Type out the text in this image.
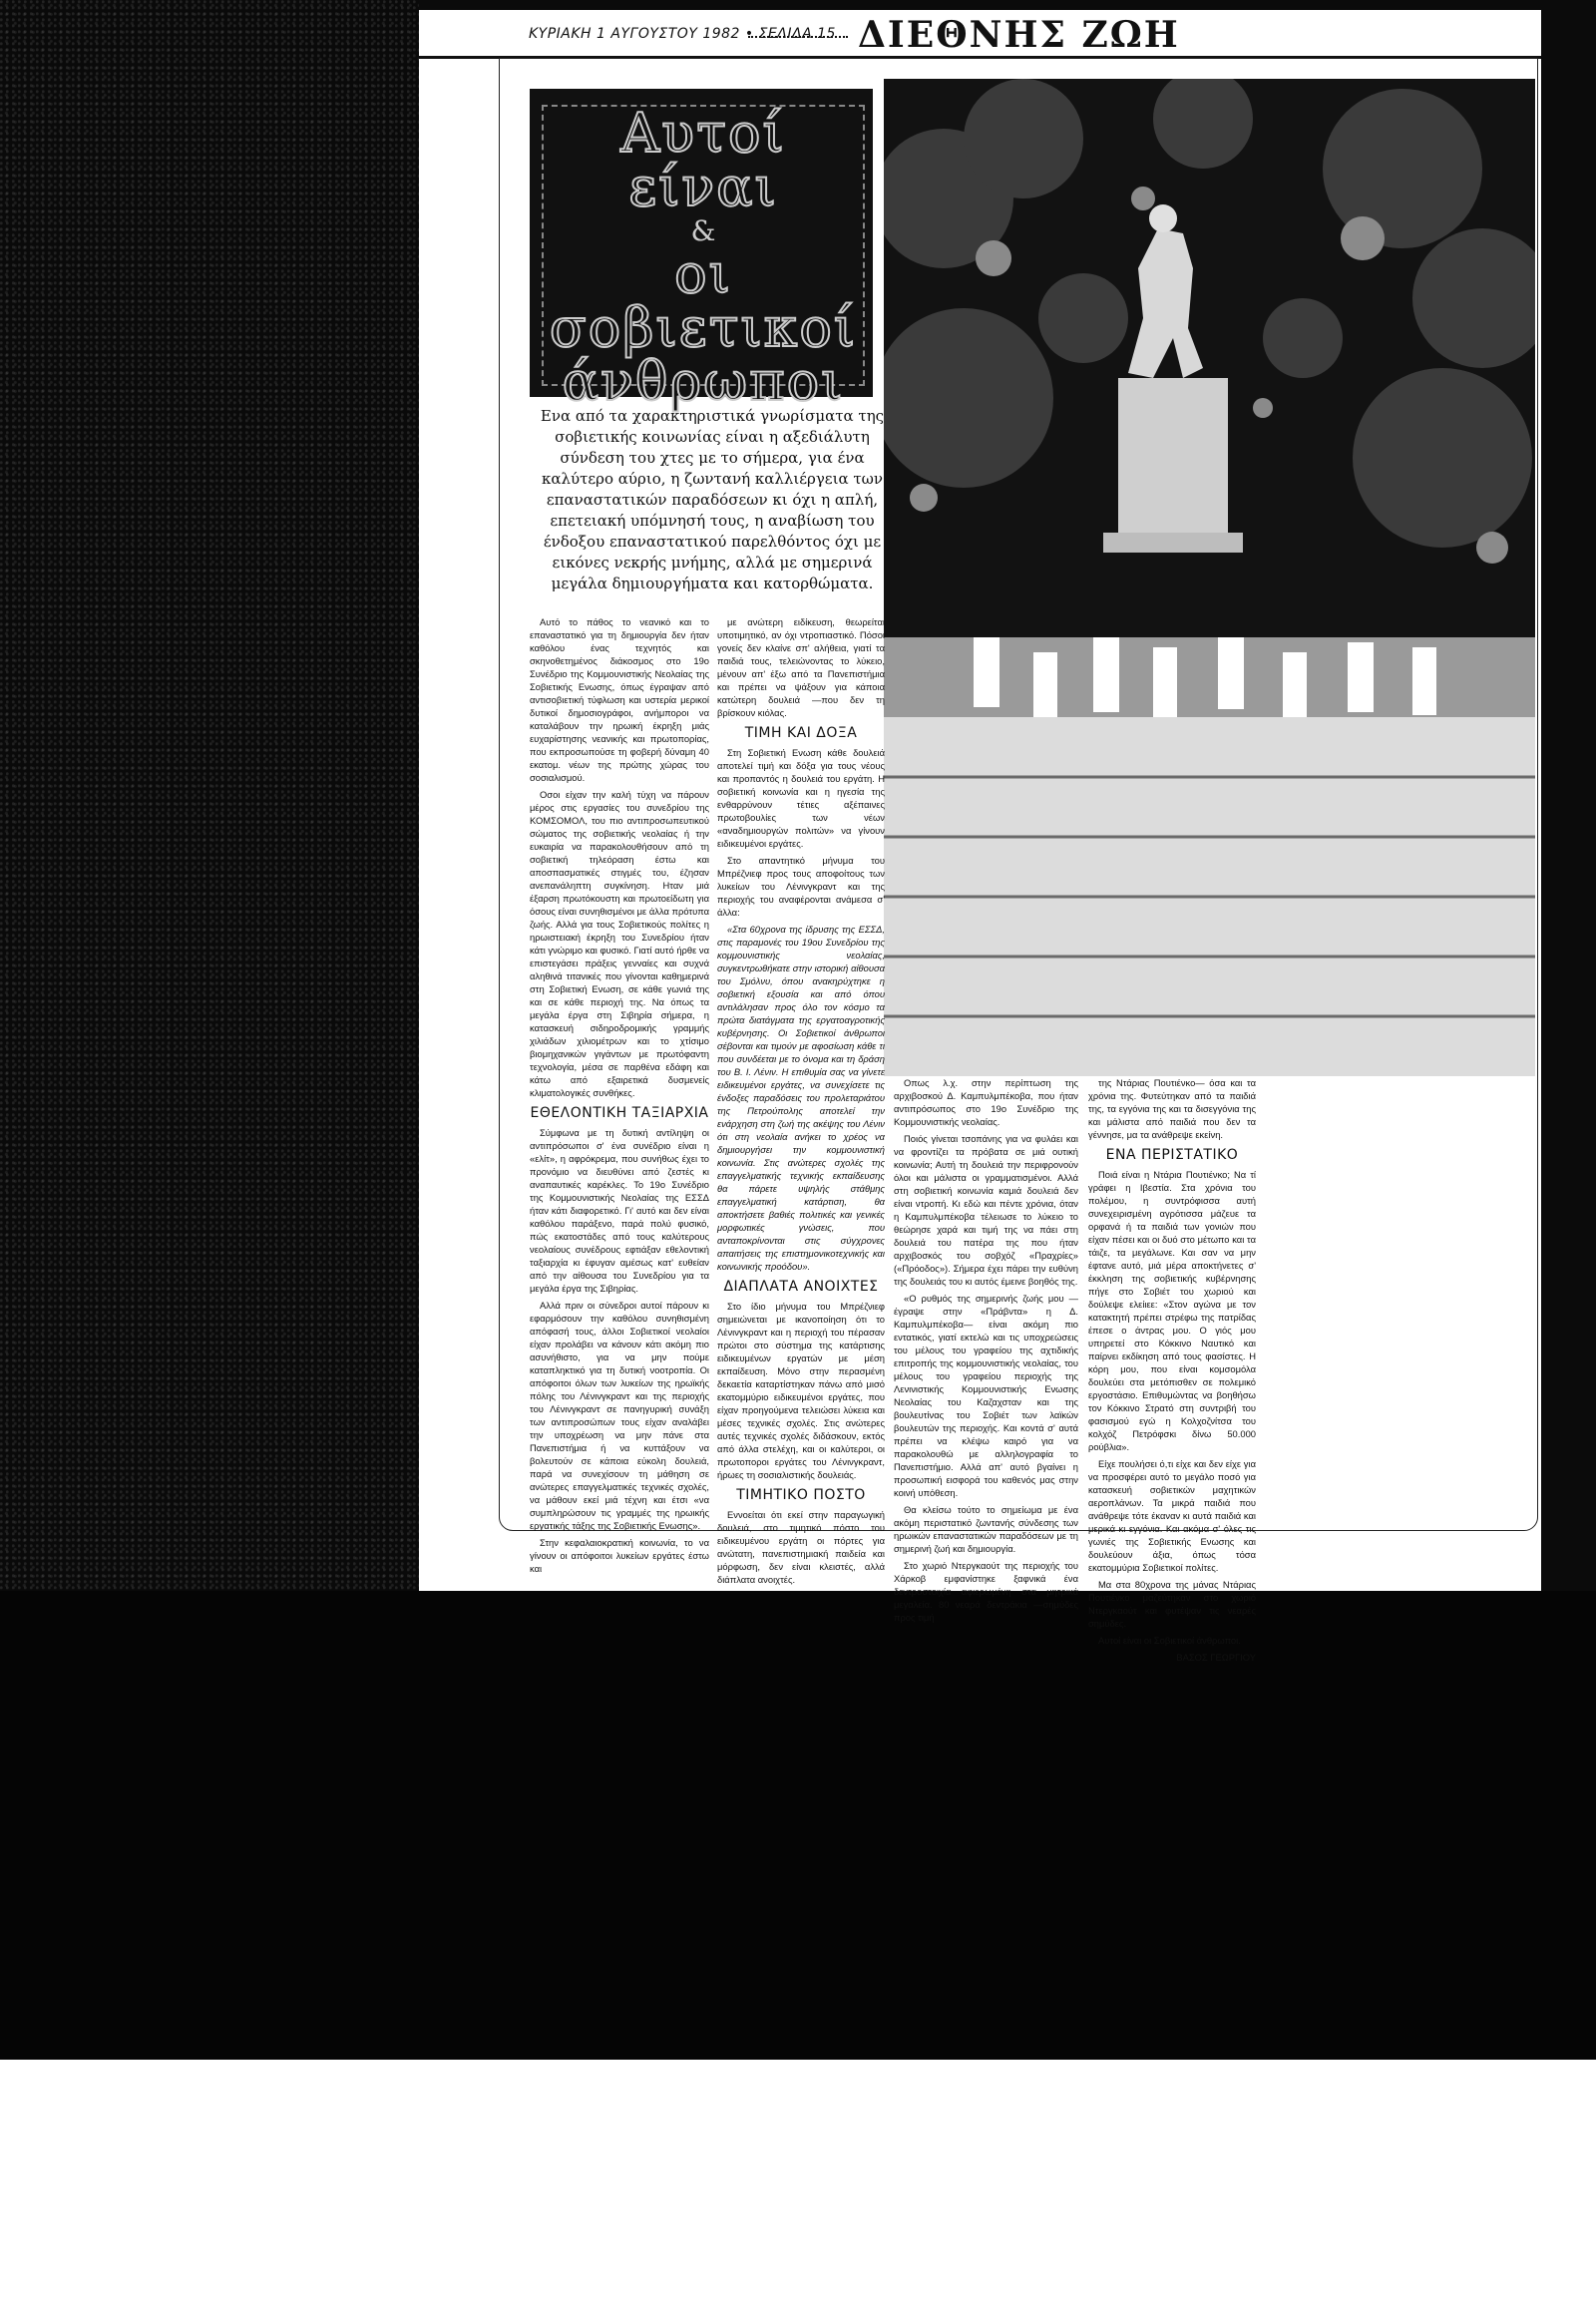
ΚΥΡΙΑΚΗ 1 ΑΥΓΟΥΣΤΟΥ 1982 • ΣΕΛΙΔΑ 15 ΔΙΕΘΝΗΣ ΖΩΗ
Αυτοί είναι
&
οι σοβιετικοί
άνθρωποι
Ενα από τα χαρακτηριστικά γνωρίσματα της σοβιετικής κοινωνίας είναι η αξεδιάλυτη σύνδεση του χτες με το σήμερα, για ένα καλύτερο αύριο, η ζωντανή καλλιέργεια των επαναστατικών παραδόσεων κι όχι η απλή, επετειακή υπόμνησή τους, η αναβίωση του ένδοξου επαναστατικού παρελθόντος όχι με εικόνες νεκρής μνήμης, αλλά με σημερινά μεγάλα δημιουργήματα και κατορθώματα.

Αυτό το πάθος το νεανικό και το επαναστατικό για τη δημιουργία δεν ήταν καθόλου ένας τεχνητός και σκηνοθετημένος διάκοσμος στο 19ο Συνέδριο της Κομμουνιστικής Νεολαίας της Σοβιετικής Ενωσης, όπως έγραψαν από αντισοβιετική τύφλωση και υστερία μερικοί δυτικοί δημοσιογράφοι, ανήμποροι να καταλάβουν την ηρωική έκρηξη μιάς ευχαρίστησης νεανικής και πρωτοπορίας, που εκπροσωπούσε τη φοβερή δύναμη 40 εκατομ. νέων της πρώτης χώρας του σοσιαλισμού.

Οσοι είχαν την καλή τύχη να πάρουν μέρος στις εργασίες του συνεδρίου της ΚΟΜΣΟΜΟΛ, του πιο αντιπροσωπευτικού σώματος της σοβιετικής νεολαίας ή την ευκαιρία να παρακολουθήσουν από τη σοβιετική τηλεόραση έστω και αποσπασματικές στιγμές του, έζησαν ανεπανάληπτη συγκίνηση. Ηταν μιά έξαρση πρωτόκουστη και πρωτοείδωτη για όσους είναι συνηθισμένοι με άλλα πρότυπα ζωής. Αλλά για τους Σοβιετικούς πολίτες η ηρωιστειακή έκρηξη του Συνεδρίου ήταν κάτι γνώριμο και φυσικό. Γιατί αυτό ήρθε να επιστεγάσει πράξεις γενναίες και συχνά αληθινά τιτανικές που γίνονται καθημερινά στη Σοβιετική Ενωση, σε κάθε γωνιά της και σε κάθε περιοχή της. Να όπως τα μεγάλα έργα στη Σιβηρία σήμερα, η κατασκευή σιδηροδρομικής γραμμής χιλιάδων χιλιομέτρων και το χτίσιμο βιομηχανικών γιγάντων με πρωτόφαντη τεχνολογία, μέσα σε παρθένα εδάφη και κάτω από εξαιρετικά δυσμενείς κλιματολογικές συνθήκες.

ΕΘΕΛΟΝΤΙΚΗ ΤΑΞΙΑΡΧΙΑ

Σύμφωνα με τη δυτική αντίληψη οι αντιπρόσωποι σ' ένα συνέδριο είναι η «ελίτ», η αφρόκρεμα, που συνήθως έχει το προνόμιο να διευθύνει από ζεστές κι αναπαυτικές καρέκλες. Το 19ο Συνέδριο της Κομμουνιστικής Νεολαίας της ΕΣΣΔ ήταν κάτι διαφορετικό. Γι' αυτό και δεν είναι καθόλου παράξενο, παρά πολύ φυσικό, πώς εκατοστάδες από τους καλύτερους νεολαίους συνέδρους εφτιάξαν εθελοντική ταξιαρχία κι έφυγαν αμέσως κατ' ευθείαν από την αίθουσα του Συνεδρίου για τα μεγάλα έργα της Σιβηρίας.

Αλλά πριν οι σύνεδροι αυτοί πάρουν κι εφαρμόσουν την καθόλου συνηθισμένη απόφασή τους, άλλοι Σοβιετικοί νεολαίοι είχαν προλάβει να κάνουν κάτι ακόμη πιο ασυνήθιστο, για να μην πούμε καταπληκτικό για τη δυτική νοοτροπία. Οι απόφοιτοι όλων των λυκείων της ηρωϊκής πόλης του Λένινγκραντ και της περιοχής του Λένινγκραντ σε πανηγυρική συνάξη των αντιπροσώπων τους είχαν αναλάβει την υποχρέωση να μην πάνε στα Πανεπιστήμια ή να κυττάξουν να βολευτούν σε κάποια εύκολη δουλειά, παρά να συνεχίσουν τη μάθηση σε ανώτερες επαγγελματικές τεχνικές σχολές, να μάθουν εκεί μιά τέχνη και έτσι «να συμπληρώσουν τις γραμμές της ηρωικής εργατικής τάξης της Σοβιετικής Ενωσης».

Στην κεφαλαιοκρατική κοινωνία, το να γίνουν οι απόφοιτοι λυκείων εργάτες έστω και

με ανώτερη ειδίκευση, θεωρείται υποτιμητικό, αν όχι ντροπιαστικό. Πόσοι γονείς δεν κλαίνε σπ' αλήθεια, γιατί τα παιδιά τους, τελειώνοντας το λύκειο, μένουν απ' έξω από τα Πανεπιστήμια και πρέπει να ψάξουν για κάποια κατώτερη δουλειά —που δεν τη βρίσκουν κιόλας.

ΤΙΜΗ ΚΑΙ ΔΟΞΑ

Στη Σοβιετική Ενωση κάθε δουλειά αποτελεί τιμή και δόξα για τους νέους και προπαντός η δουλειά του εργάτη. Η σοβιετική κοινωνία και η ηγεσία της ενθαρρύνουν τέτιες αξέπαινες πρωτοβουλίες των νέων «αναδημιουργών πολιτών» να γίνουν ειδικευμένοι εργάτες.

Στο απαντητικό μήνυμα του Μπρέζνιεφ προς τους αποφοίτους των λυκείων του Λένινγκραντ και της περιοχής του αναφέρονται ανάμεσα σ' άλλα:

«Στα 60χρονα της ίδρυσης της ΕΣΣΔ, στις παραμονές του 19ου Συνεδρίου της κομμουνιστικής νεολαίας, συγκεντρωθήκατε στην ιστορική αίθουσα του Σμόλνυ, όπου ανακηρύχτηκε η σοβιετική εξουσία και από όπου αντιλάλησαν προς όλο τον κόσμο τα πρώτα διατάγματα της εργατοαγροτικής κυβέρνησης. Οι Σοβιετικοί άνθρωποι σέβονται και τιμούν με αφοσίωση κάθε τι που συνδέεται με το όνομα και τη δράση του Β. Ι. Λένιν. Η επιθυμία σας να γίνετε ειδικευμένοι εργάτες, να συνεχίσετε τις ένδοξες παραδόσεις του προλεταριάτου της Πετρούπολης αποτελεί την ενάρχηση στη ζωή της ακέψης του Λένιν ότι στη νεολαία ανήκει το χρέος να δημιουργήσει την κομμουνιστική κοινωνία. Στις ανώτερες σχολές της επαγγελματικής τεχνικής εκπαίδευσης θα πάρετε υψηλής στάθμης επαγγελματική κατάρτιση, θα αποκτήσετε βαθιές πολιτικές και γενικές μορφωτικές γνώσεις, που ανταποκρίνονται στις σύγχρονες απαιτήσεις της επιστημονικοτεχνικής και κοινωνικής προόδου».

ΔΙΑΠΛΑΤΑ ΑΝΟΙΧΤΕΣ

Στο ίδιο μήνυμα του Μπρέζνιεφ σημειώνεται με ικανοποίηση ότι το Λένινγκραντ και η περιοχή του πέρασαν πρώτοι στο σύστημα της κατάρτισης ειδικευμένων εργατών με μέση εκπαίδευση. Μόνο στην περασμένη δεκαετία καταρτίστηκαν πάνω από μισό εκατομμύριο ειδικευμένοι εργάτες, που είχαν προηγούμενα τελειώσει λύκεια και μέσες τεχνικές σχολές. Στις ανώτερες αυτές τεχνικές σχολές διδάσκουν, εκτός από άλλα στελέχη, και οι καλύτεροι, οι πρωτοποροι εργάτες του Λένινγκραντ, ήρωες τη σοσιαλιστικής δουλειάς.

ΤΙΜΗΤΙΚΟ ΠΟΣΤΟ

Εννοείται ότι εκεί στην παραγωγική δουλειά, στο τιμητικό πόστο του ειδικευμένου εργάτη οι πόρτες για ανώτατη, πανεπιστημιακή παιδεία και μόρφωση, δεν είναι κλειστές, αλλά διάπλατα ανοιχτές.

Οπως λ.χ. στην περίπτωση της αρχιβοσκού Δ. Καμπυλμπέκοβα, που ήταν αντιπρόσωπος στο 19ο Συνέδριο της Κομμουνιστικής νεολαίας.

Ποιός γίνεται τσοπάνης για να φυλάει και να φροντίζει τα πρόβατα σε μιά ουτική κοινωνία; Αυτή τη δουλειά την περιφρονούν όλοι και μάλιστα οι γραμματισμένοι. Αλλά στη σοβιετική κοινωνία καμιά δουλειά δεν είναι ντροπή. Κι εδώ και πέντε χρόνια, όταν η Καμπυλμπέκοβα τέλειωσε το λύκειο το θεώρησε χαρά και τιμή της να πάει στη δουλειά του πατέρα της που ήταν αρχιβοσκός του σοβχόζ «Πραχρίες» («Πρόοδος»). Σήμερα έχει πάρει την ευθύνη της δουλειάς του κι αυτός έμεινε βοηθός της.

«Ο ρυθμός της σημερινής ζωής μου —έγραψε στην «Πράβντα» η Δ. Καμπυλμπέκοβα— είναι ακόμη πιο εντατικός, γιατί εκτελώ και τις υποχρεώσεις του μέλους του γραφείου της αχτιδικής επιτροπής της κομμουνιστικής νεολαίας, του μέλους του γραφείου περιοχής της Λενινιστικής Κομμουνιστικής Ενωσης Νεολαίας του Καζαχσταν και της βουλευτίνας του Σοβιέτ των λαϊκών βουλευτών της περιοχής. Και κοντά σ' αυτά πρέπει να κλέψω καιρό για να παρακολουθώ με αλληλογραφία το Πανεπιστήμιο. Αλλά απ' αυτό βγαίνει η προσωπική εισφορά του καθενός μας στην κοινή υπόθεση.

Θα κλείσω τούτο το σημείωμα με ένα ακόμη περιστατικό ζωντανής σύνδεσης των ηρωικών επαναστατικών παραδόσεων με τη σημερινή ζωή και δημιουργία.

Στο χωριό Ντεργκαούτ της περιοχής του Χάρκοβ εμφανίστηκε ξαφνικά ένα δεντροστοιχία αφιερωμένη στα μητρικά μεγαλεία. 80 νεαρά δεντράκια —σημύδες προς τιμή

της Ντάριας Πουτιένκο— όσα και τα χρόνια της. Φυτεύτηκαν από τα παιδιά της, τα εγγόνια της και τα δισεγγόνια της και μάλιστα από παιδιά που δεν τα γέννησε, μα τα ανάθρεψε εκείνη.

ΕΝΑ ΠΕΡΙΣΤΑΤΙΚΟ

Ποιά είναι η Ντάρια Πουτιένκο; Να τί γράφει η Ιβεστία. Στα χρόνια του πολέμου, η συντρόφισσα αυτή συνεχειρισμένη αγρότισσα μάζευε τα ορφανά ή τα παιδιά των γονιών που είχαν πέσει και οι δυό στο μέτωπο και τα τάιζε, τα μεγάλωνε. Και σαν να μην έφτανε αυτό, μιά μέρα αποκτήνετες σ' έκκληση της σοβιετικής κυβέρνησης πήγε στο Σοβιέτ του χωριού και δούλεψε ελείιεε: «Στον αγώνα με τον κατακτητή πρέπει στρέφω της πατρίδας έπεσε ο άντρας μου. Ο γιός μου υπηρετεί στο Κόκκινο Ναυτικό και παίρνει εκδίκηση από τους φασίστες. Η κόρη μου, που είναι κομσομόλα δουλεύει στα μετόπισθεν σε πολεμικό εργοστάσιο. Επιθυμώντας να βοηθήσω τον Κόκκινο Στρατό στη συντριβή του φασισμού εγώ η Κολχοζνίτσα του κολχόζ Πετρόφσκι δίνω 50.000 ρούβλια».

Είχε πουλήσει ό,τι είχε και δεν είχε για να προσφέρει αυτό το μεγάλο ποσό για κατασκευή σοβιετικών μαχητικών αεροπλάνων. Τα μικρά παιδιά που ανάθρεψε τότε έκαναν κι αυτά παιδιά και μερικά κι εγγόνια. Και ακόμα σ' όλες τις γωνιές της Σοβιετικής Ενωσης και δουλεύουν άξια, όπως τόσα εκατομμύρια Σοβιετικοί πολίτες.

Μα στα 80χρονα της μάνας Ντάριας Πουτιένκο μαζεύτηκαν στο χωριό Ντεργκαούτ και φυτέψαν τις νεαρές σημύδες.

Αυτοί είναι οι Σοβιετικοί άνθρωποι.

ΒΑΣΟΣ ΓΕΩΡΓΙΟΥ
